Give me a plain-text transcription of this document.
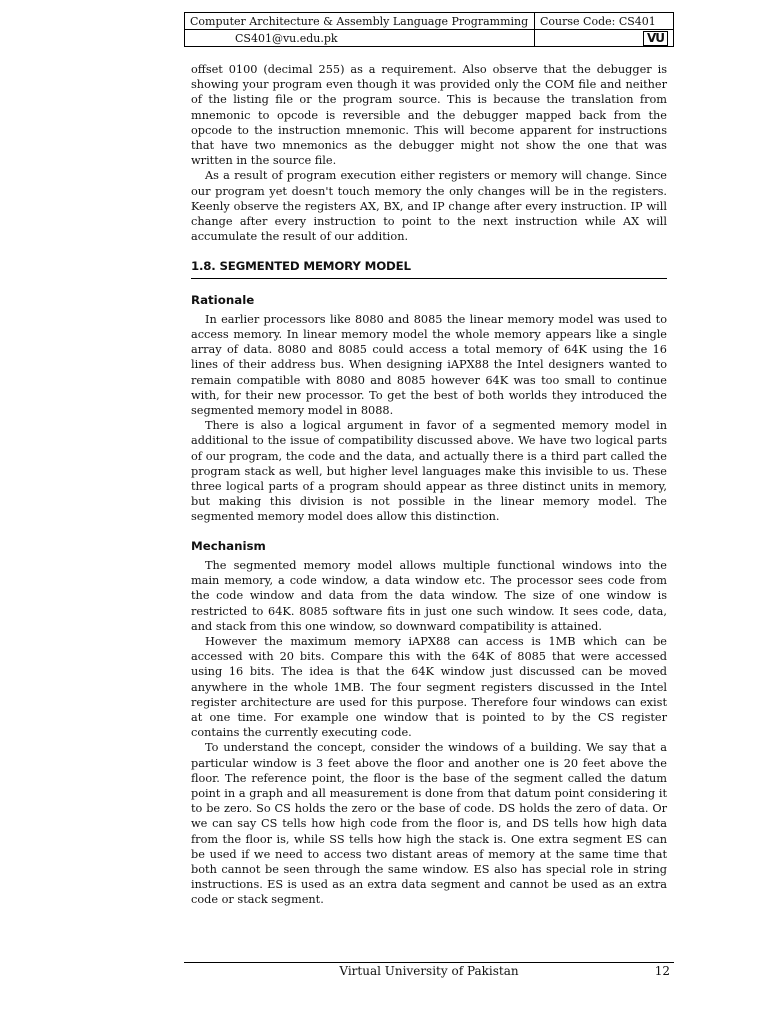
Computer Architecture & Assembly Language Programming	Course Code: CS401
CS401@vu.edu.pk	VU

offset 0100 (decimal 255) as a requirement. Also observe that the debugger is showing your program even though it was provided only the COM file and neither of the listing file or the program source. This is because the translation from mnemonic to opcode is reversible and the debugger mapped back from the opcode to the instruction mnemonic. This will become apparent for instructions that have two mnemonics as the debugger might not show the one that was written in the source file.

As a result of program execution either registers or memory will change. Since our program yet doesn't touch memory the only changes will be in the registers. Keenly observe the registers AX, BX, and IP change after every instruction. IP will change after every instruction to point to the next instruction while AX will accumulate the result of our addition.

1.8. SEGMENTED MEMORY MODEL
Rationale

In earlier processors like 8080 and 8085 the linear memory model was used to access memory. In linear memory model the whole memory appears like a single array of data. 8080 and 8085 could access a total memory of 64K using the 16 lines of their address bus. When designing iAPX88 the Intel designers wanted to remain compatible with 8080 and 8085 however 64K was too small to continue with, for their new processor. To get the best of both worlds they introduced the segmented memory model in 8088.

There is also a logical argument in favor of a segmented memory model in additional to the issue of compatibility discussed above. We have two logical parts of our program, the code and the data, and actually there is a third part called the program stack as well, but higher level languages make this invisible to us. These three logical parts of a program should appear as three distinct units in memory, but making this division is not possible in the linear memory model. The segmented memory model does allow this distinction.

Mechanism

The segmented memory model allows multiple functional windows into the main memory, a code window, a data window etc. The processor sees code from the code window and data from the data window. The size of one window is restricted to 64K. 8085 software fits in just one such window. It sees code, data, and stack from this one window, so downward compatibility is attained.

However the maximum memory iAPX88 can access is 1MB which can be accessed with 20 bits. Compare this with the 64K of 8085 that were accessed using 16 bits. The idea is that the 64K window just discussed can be moved anywhere in the whole 1MB. The four segment registers discussed in the Intel register architecture are used for this purpose. Therefore four windows can exist at one time. For example one window that is pointed to by the CS register contains the currently executing code.

To understand the concept, consider the windows of a building. We say that a particular window is 3 feet above the floor and another one is 20 feet above the floor. The reference point, the floor is the base of the segment called the datum point in a graph and all measurement is done from that datum point considering it to be zero. So CS holds the zero or the base of code. DS holds the zero of data. Or we can say CS tells how high code from the floor is, and DS tells how high data from the floor is, while SS tells how high the stack is. One extra segment ES can be used if we need to access two distant areas of memory at the same time that both cannot be seen through the same window. ES also has special role in string instructions. ES is used as an extra data segment and cannot be used as an extra code or stack segment.

Virtual University of Pakistan	12
